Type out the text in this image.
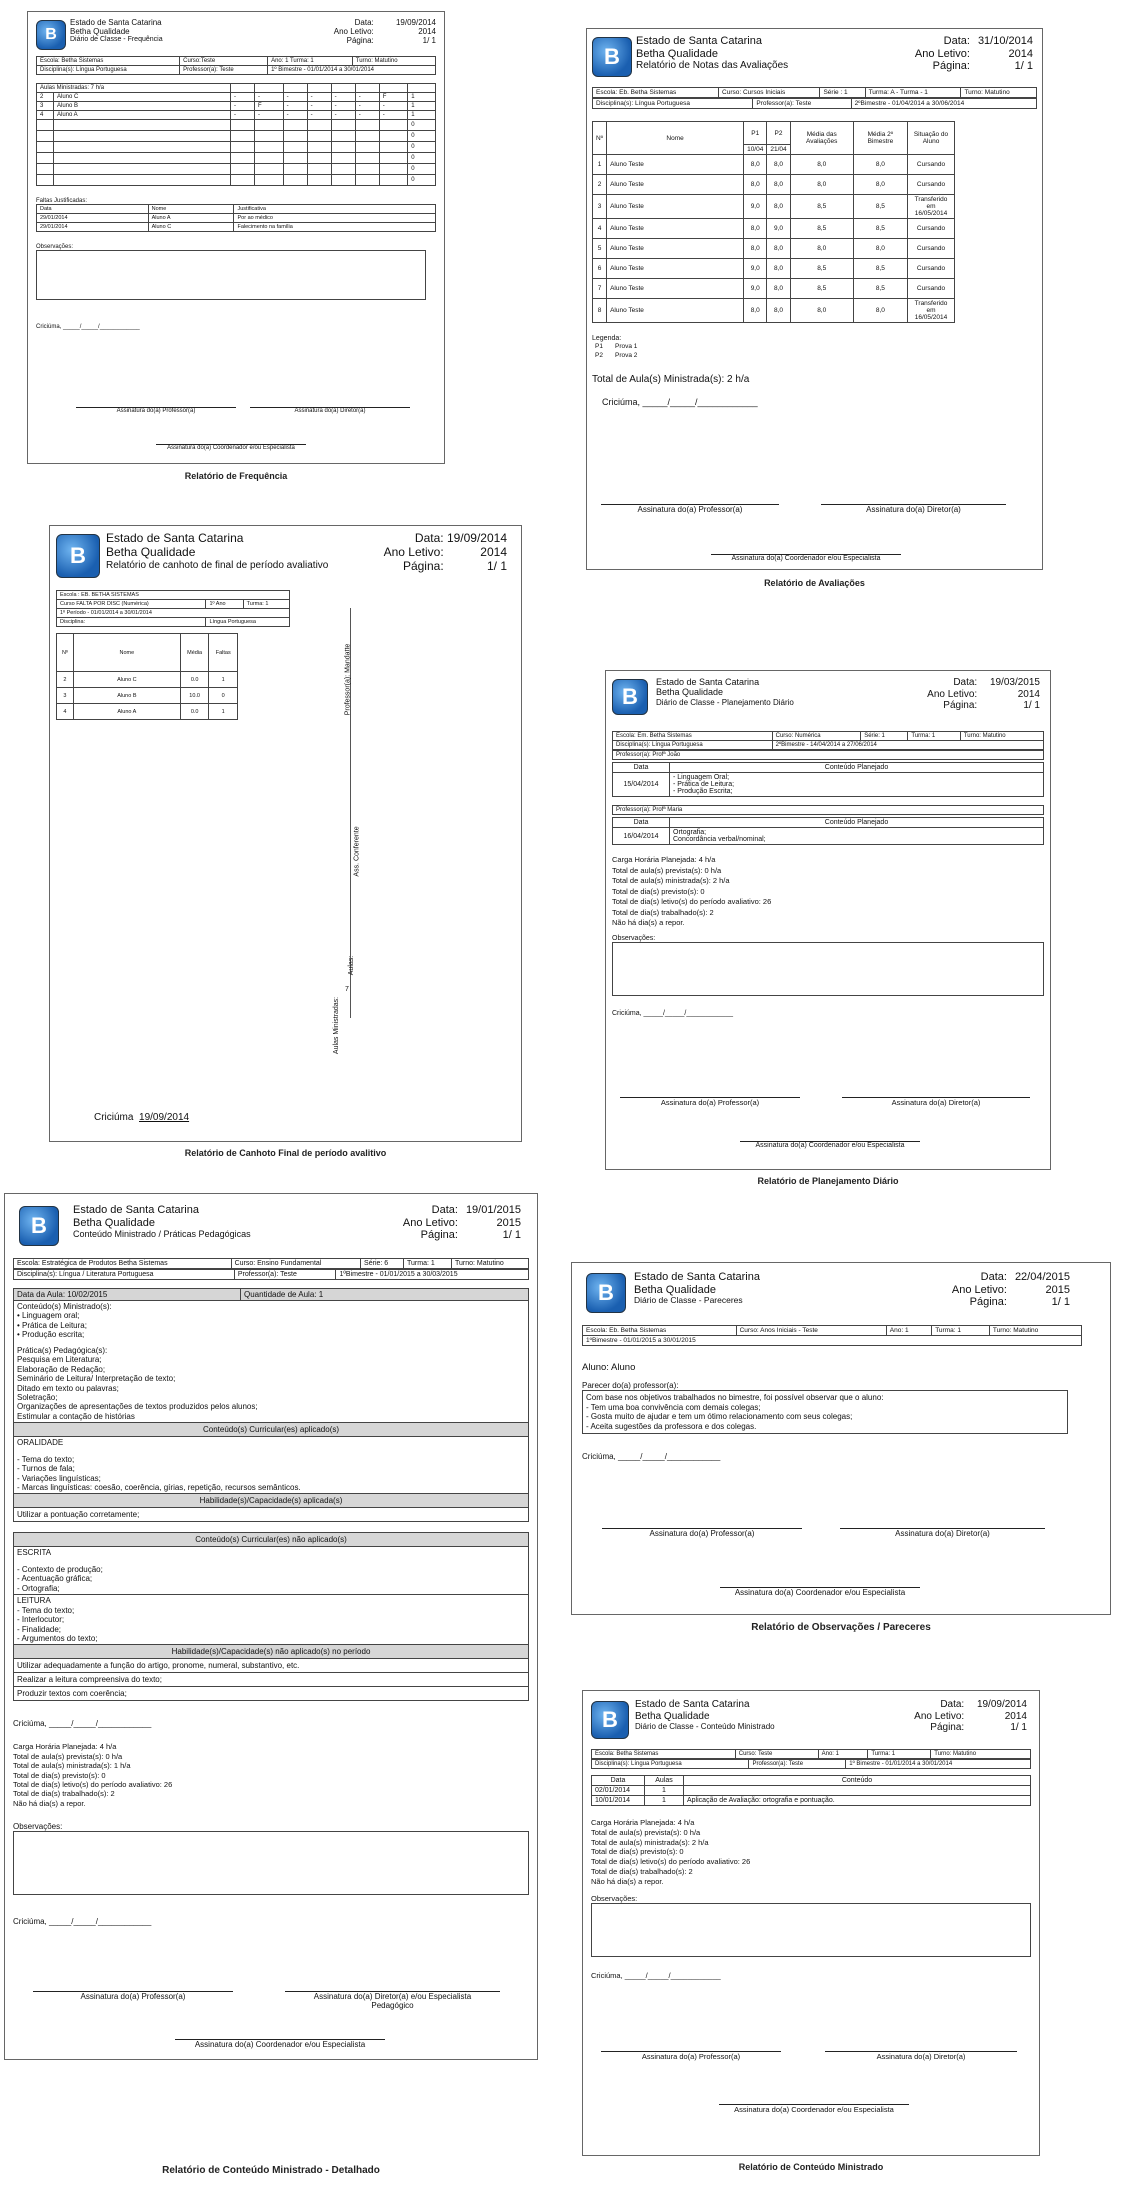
B
Estado de Santa Catarina
Betha Qualidade
Diário de Classe - Frequência
Data:	19/09/2014
Ano Letivo:	2014
Página:	1/ 1
Escola: Betha Sistemas	Curso:Teste	Ano: 1 Turma: 1	Turno: Matutino
Disciplina(s): Língua Portuguesa	Professor(a): Teste	1º Bimestre - 01/01/2014 a 30/01/2014	
Aulas Ministradas: 7 h/a									
2	Aluno C	-	-	-	-	-	-	F	1
3	Aluno B	-	F	-	-	-	-	-	1
4	Aluno A	-	-	-	-	-	-	-	1
									0
									0
									0
									0
									0
									0
Faltas Justificadas:
Data	Nome	Justificativa
29/01/2014	Aluno A	Por ao médico
29/01/2014	Aluno C	Falecimento na família
Observações:
Criciúma, _____/_____/____________
Assinatura do(a) Professor(a)	Assinatura do(a) Diretor(a)
Assinatura do(a) Coordenador e/ou Especialista
Relatório de Frequência
B
Estado de Santa Catarina
Betha Qualidade
Relatório de Notas das Avaliações
Data: 31/10/2014
Ano Letivo:	2014
Página:	1/ 1
Escola: Eb. Betha Sistemas	Curso: Cursos Iniciais	Série : 1	Turma: A - Turma - 1	Turno: Matutino
Disciplina(s): Língua Portuguesa	Professor(a): Teste	2ºBimestre - 01/04/2014 a 30/06/2014
Nº	Nome	P1	P2	Média das Avaliações	Média 2º Bimestre	Situação do Aluno
		10/04	21/04			
1	Aluno Teste	8,0	8,0	8,0	8,0	Cursando
2	Aluno Teste	8,0	8,0	8,0	8,0	Cursando
3	Aluno Teste	9,0	8,0	8,5	8,5	Transferido em 16/05/2014
4	Aluno Teste	8,0	9,0	8,5	8,5	Cursando
5	Aluno Teste	8,0	8,0	8,0	8,0	Cursando
6	Aluno Teste	9,0	8,0	8,5	8,5	Cursando
7	Aluno Teste	9,0	8,0	8,5	8,5	Cursando
8	Aluno Teste	8,0	8,0	8,0	8,0	Transferido em 16/05/2014
Legenda:
P1	Prova 1
P2	Prova 2
Total de Aula(s) Ministrada(s): 2 h/a
Criciúma, _____/_____/____________
Assinatura do(a) Professor(a)	Assinatura do(a) Diretor(a)
Assinatura do(a) Coordenador e/ou Especialista
Relatório de Avaliações
B
Estado de Santa Catarina
Betha Qualidade
Relatório de canhoto de final de período avaliativo
Data: 19/09/2014
Ano Letivo:	2014
Página:	1/ 1
Escola : EB. BETHA SISTEMAS		
Curso FALTA POR DISC (Numérica)	1º Ano	Turma: 1
1º Período - 01/01/2014 a 30/01/2014		
Disciplina:	Língua Portuguesa	
Nº	Nome	Média	Faltas
2	Aluno C	0.0	1
3	Aluno B	10.0	0
4	Aluno A	0.0	1	Professor(a): Mandatte
Ass. Conferente
Aulas:
Aulas Ministradas:
7
Criciúma 19/09/2014
Relatório de Canhoto Final de período avalitivo
B
Estado de Santa Catarina
Betha Qualidade
Diário de Classe - Planejamento Diário
Data: 19/03/2015
Ano Letivo:	2014
Página:	1/ 1
Escola: Em. Betha Sistemas	Curso: Numérica	Série: 1	Turma: 1	Turno: Matutino
Disciplina(s): Língua Portuguesa	2ºBimestre - 14/04/2014 a 27/06/2014			
Professor(a): Profª João
Data	Conteúdo Planejado
15/04/2014	- Linguagem Oral;
- Prática de Leitura;
- Produção Escrita;
Professor(a): Profª Maria
Data	Conteúdo Planejado
16/04/2014	Ortografia;
Concordância verbal/nominal;
Carga Horária Planejada: 4 h/a
Total de aula(s) prevista(s): 0 h/a
Total de aula(s) ministrada(s): 2 h/a
Total de dia(s) previsto(s): 0
Total de dia(s) letivo(s) do período avaliativo: 26
Total de dia(s) trabalhado(s): 2
Não há dia(s) a repor.
Observações:
Criciúma, _____/_____/____________
Assinatura do(a) Professor(a)	Assinatura do(a) Diretor(a)
Assinatura do(a) Coordenador e/ou Especialista
Relatório de Planejamento Diário
B
Estado de Santa Catarina
Betha Qualidade
Conteúdo Ministrado / Práticas Pedagógicas
Data: 19/01/2015
Ano Letivo:	2015
Página:	1/ 1
Escola: Estratégica de Produtos Betha Sistemas	Curso: Ensino Fundamental	Série: 6	Turma: 1	Turno: Matutino
Disciplina(s): Língua / Literatura Portuguesa	Professor(a): Teste	1ºBimestre - 01/01/2015 a 30/03/2015
Data da Aula: 10/02/2015	Quantidade de Aula: 1
Conteúdo(s) Ministrado(s):
• Linguagem oral;
• Prática de Leitura;
• Produção escrita;
Prática(s) Pedagógica(s):
Pesquisa em Literatura;
Elaboração de Redação;
Seminário de Leitura/ Interpretação de texto;
Ditado em texto ou palavras;
Soletração;
Organizações de apresentações de textos produzidos pelos alunos;
Estimular a contação de histórias
Conteúdo(s) Curricular(es) aplicado(s)
ORALIDADE
- Tema do texto;
- Turnos de fala;
- Variações linguísticas;
- Marcas linguísticas: coesão, coerência, gírias, repetição, recursos semânticos.
Habilidade(s)/Capacidade(s) aplicada(s)
Utilizar a pontuação corretamente;
Conteúdo(s) Curricular(es) não aplicado(s)
ESCRITA
- Contexto de produção;
- Acentuação gráfica;
- Ortografia;
LEITURA
- Tema do texto;
- Interlocutor;
- Finalidade;
- Argumentos do texto;
Habilidade(s)/Capacidade(s) não aplicado(s) no período
Utilizar adequadamente a função do artigo, pronome, numeral, substantivo, etc.
Realizar a leitura compreensiva do texto;
Produzir textos com coerência;
Criciúma, _____/_____/____________
Carga Horária Planejada: 4 h/a
Total de aula(s) prevista(s): 0 h/a
Total de aula(s) ministrada(s): 1 h/a
Total de dia(s) previsto(s): 0
Total de dia(s) letivo(s) do período avaliativo: 26
Total de dia(s) trabalhado(s): 2
Não há dia(s) a repor.
Observações:
Criciúma, _____/_____/____________
Assinatura do(a) Professor(a)	Assinatura do(a) Diretor(a) e/ou Especialista
Pedagógico
Assinatura do(a) Coordenador e/ou Especialista
Relatório de Conteúdo Ministrado - Detalhado
B
Estado de Santa Catarina
Betha Qualidade
Diário de Classe - Pareceres
Data: 22/04/2015
Ano Letivo:	2015
Página:	1/ 1
Escola: Eb. Betha Sistemas	Curso: Anos Iniciais - Teste	Ano: 1	Turma: 1	Turno: Matutino
1ºBimestre - 01/01/2015 a 30/01/2015
Aluno: Aluno
Parecer do(a) professor(a):
Com base nos objetivos trabalhados no bimestre, foi possível observar que o aluno:
- Tem uma boa convivência com demais colegas;
- Gosta muito de ajudar e tem um ótimo relacionamento com seus colegas;
- Aceita sugestões da professora e dos colegas.
Criciúma, _____/_____/____________
Assinatura do(a) Professor(a)	Assinatura do(a) Diretor(a)
Assinatura do(a) Coordenador e/ou Especialista
Relatório de Observações / Pareceres
B
Estado de Santa Catarina
Betha Qualidade
Diário de Classe - Conteúdo Ministrado
Data: 19/09/2014
Ano Letivo:	2014
Página:	1/ 1
Escola: Betha Sistemas	Curso: Teste	Ano: 1	Turma: 1	Turno: Matutino
Disciplina(s): Língua Portuguesa	Professor(a): Teste	1º Bimestre - 01/01/2014 a 30/01/2014
Data	Aulas	Conteúdo
02/01/2014	1	
10/01/2014	1	Aplicação de Avaliação: ortografia e pontuação.
Carga Horária Planejada: 4 h/a
Total de aula(s) prevista(s): 0 h/a
Total de aula(s) ministrada(s): 2 h/a
Total de dia(s) previsto(s): 0
Total de dia(s) letivo(s) do período avaliativo: 26
Total de dia(s) trabalhado(s): 2
Não há dia(s) a repor.
Observações:
Criciúma, _____/_____/____________
Assinatura do(a) Professor(a)	Assinatura do(a) Diretor(a)
Assinatura do(a) Coordenador e/ou Especialista
Relatório de Conteúdo Ministrado
